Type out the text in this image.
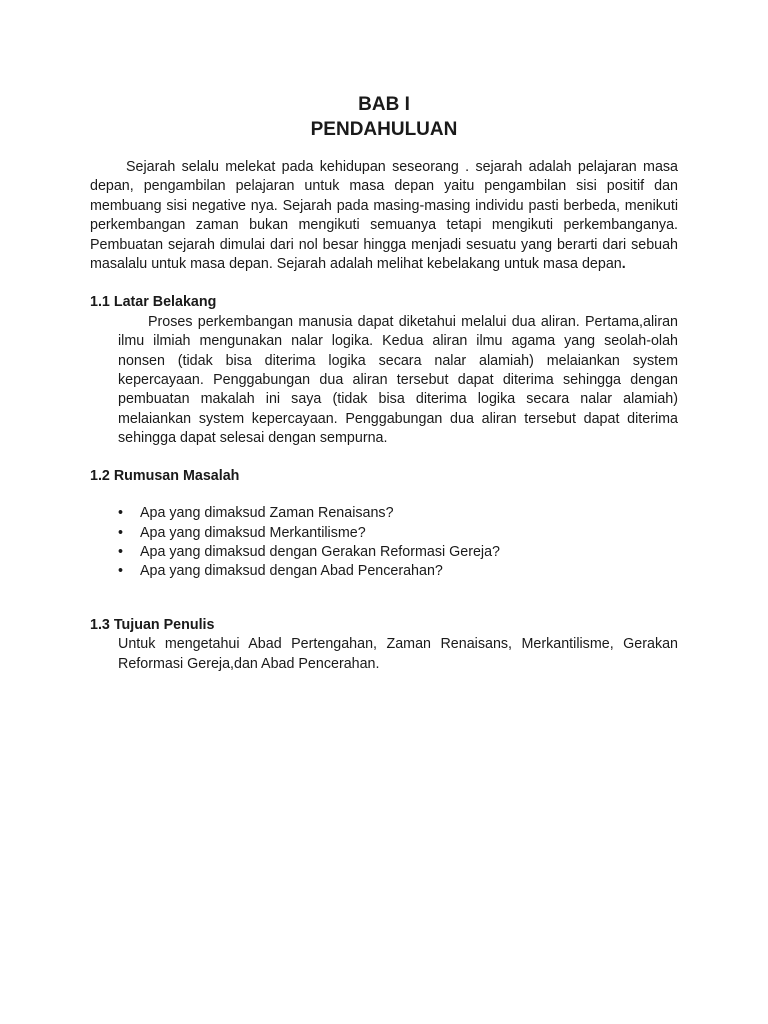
BAB I
PENDAHULUAN

Sejarah selalu melekat pada kehidupan seseorang . sejarah adalah pelajaran masa depan, pengambilan pelajaran untuk masa depan yaitu pengambilan sisi positif dan membuang sisi negative nya. Sejarah pada masing-masing individu pasti berbeda, menikuti perkembangan zaman bukan mengikuti semuanya tetapi mengikuti perkembanganya. Pembuatan sejarah dimulai dari nol besar hingga menjadi sesuatu yang berarti dari sebuah masalalu untuk masa depan. Sejarah adalah melihat kebelakang untuk masa depan.

1.1 Latar Belakang

Proses perkembangan manusia dapat diketahui melalui dua aliran. Pertama,aliran ilmu ilmiah mengunakan nalar logika. Kedua aliran ilmu agama yang seolah-olah nonsen (tidak bisa diterima logika secara nalar alamiah) melaiankan system kepercayaan. Penggabungan dua aliran tersebut dapat diterima sehingga dengan pembuatan makalah ini saya (tidak bisa diterima logika secara nalar alamiah) melaiankan system kepercayaan. Penggabungan dua aliran tersebut dapat diterima sehingga dapat selesai dengan sempurna.

1.2 Rumusan Masalah
• Apa yang dimaksud Zaman Renaisans?
• Apa yang dimaksud Merkantilisme?
• Apa yang dimaksud dengan Gerakan Reformasi Gereja?
• Apa yang dimaksud dengan Abad Pencerahan?
1.3 Tujuan Penulis

Untuk mengetahui Abad Pertengahan, Zaman Renaisans, Merkantilisme, Gerakan Reformasi Gereja,dan Abad Pencerahan.
